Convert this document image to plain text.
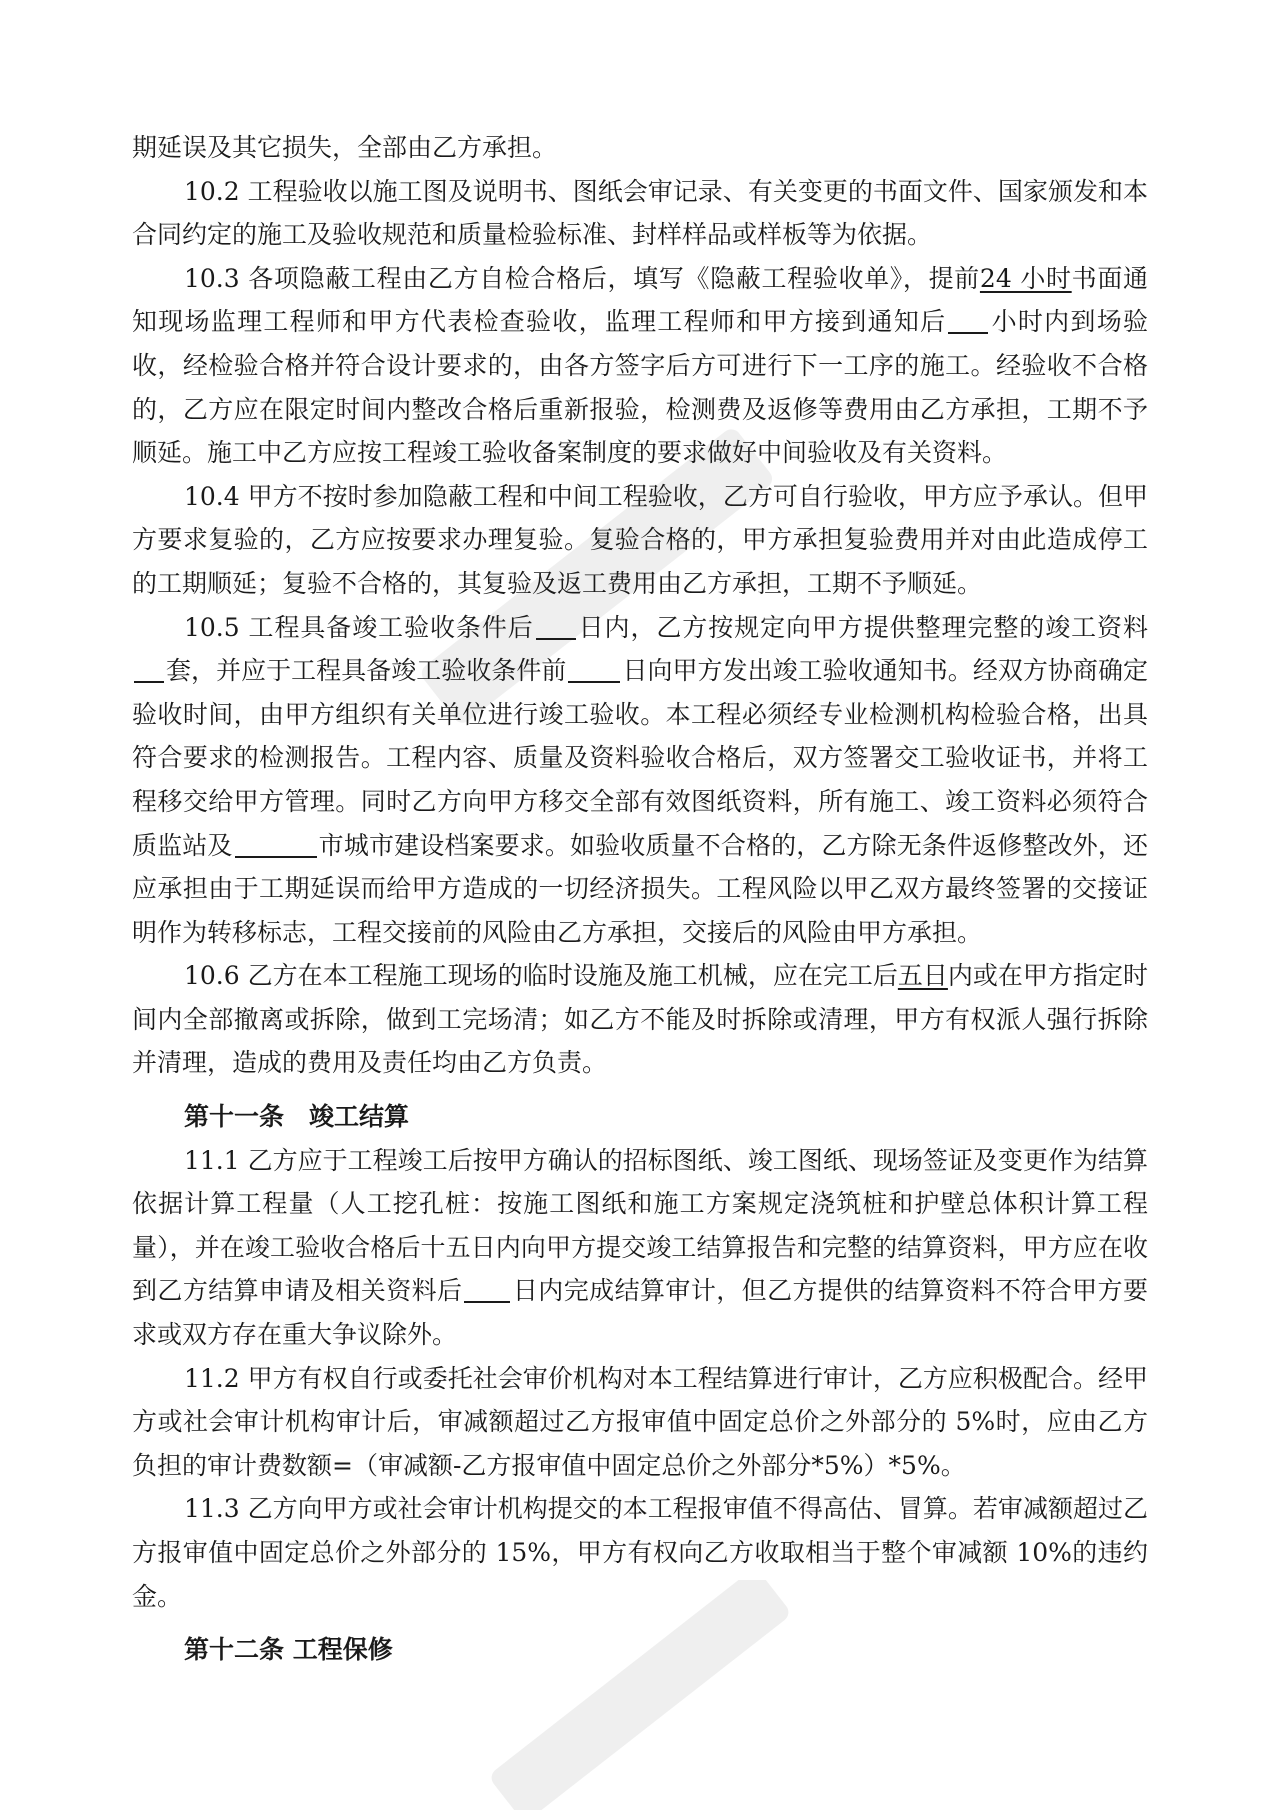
期延误及其它损失，全部由乙方承担。

10.2 工程验收以施工图及说明书、图纸会审记录、有关变更的书面文件、国家颁发和本合同约定的施工及验收规范和质量检验标准、封样样品或样板等为依据。

10.3 各项隐蔽工程由乙方自检合格后，填写《隐蔽工程验收单》，提前24 小时书面通知现场监理工程师和甲方代表检查验收，监理工程师和甲方接到通知后 小时内到场验收，经检验合格并符合设计要求的，由各方签字后方可进行下一工序的施工。经验收不合格的，乙方应在限定时间内整改合格后重新报验，检测费及返修等费用由乙方承担，工期不予顺延。施工中乙方应按工程竣工验收备案制度的要求做好中间验收及有关资料。

10.4 甲方不按时参加隐蔽工程和中间工程验收，乙方可自行验收，甲方应予承认。但甲方要求复验的，乙方应按要求办理复验。复验合格的，甲方承担复验费用并对由此造成停工的工期顺延；复验不合格的，其复验及返工费用由乙方承担，工期不予顺延。

10.5 工程具备竣工验收条件后 日内，乙方按规定向甲方提供整理完整的竣工资料套，并应于工程具备竣工验收条件前 日向甲方发出竣工验收通知书。经双方协商确定验收时间，由甲方组织有关单位进行竣工验收。本工程必须经专业检测机构检验合格，出具符合要求的检测报告。工程内容、质量及资料验收合格后，双方签署交工验收证书，并将工程移交给甲方管理。同时乙方向甲方移交全部有效图纸资料，所有施工、竣工资料必须符合质监站及	市城市建设档案要求。如验收质量不合格的，乙方除无条件返修整改外，还应承担由于工期延误而给甲方造成的一切经济损失。工程风险以甲乙双方最终签署的交接证明作为转移标志，工程交接前的风险由乙方承担，交接后的风险由甲方承担。

10.6 乙方在本工程施工现场的临时设施及施工机械，应在完工后五日内或在甲方指定时间内全部撤离或拆除，做到工完场清；如乙方不能及时拆除或清理，甲方有权派人强行拆除并清理，造成的费用及责任均由乙方负责。

第十一条　竣工结算

11.1 乙方应于工程竣工后按甲方确认的招标图纸、竣工图纸、现场签证及变更作为结算依据计算工程量（人工挖孔桩：按施工图纸和施工方案规定浇筑桩和护壁总体积计算工程量），并在竣工验收合格后十五日内向甲方提交竣工结算报告和完整的结算资料，甲方应在收到乙方结算申请及相关资料后 日内完成结算审计，但乙方提供的结算资料不符合甲方要求或双方存在重大争议除外。

11.2 甲方有权自行或委托社会审价机构对本工程结算进行审计，乙方应积极配合。经甲方或社会审计机构审计后，审减额超过乙方报审值中固定总价之外部分的 5%时，应由乙方负担的审计费数额=（审减额-乙方报审值中固定总价之外部分*5%）*5%。

11.3 乙方向甲方或社会审计机构提交的本工程报审值不得高估、冒算。若审减额超过乙方报审值中固定总价之外部分的 15%，甲方有权向乙方收取相当于整个审减额 10%的违约金。

第十二条 工程保修
